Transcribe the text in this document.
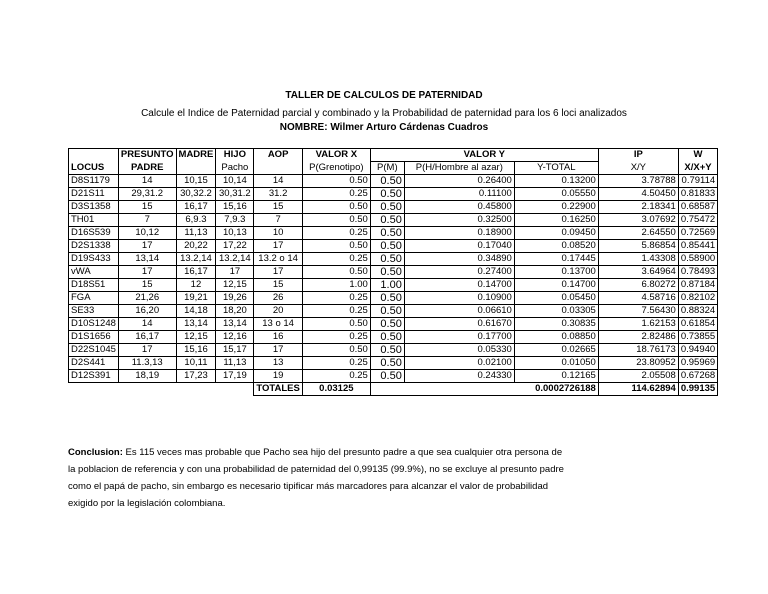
TALLER DE CALCULOS DE PATERNIDAD
Calcule el Indice de Paternidad parcial y combinado y la Probabilidad de paternidad para los 6 loci analizados
NOMBRE: Wilmer Arturo Cárdenas Cuadros
	PRESUNTO	MADRE	HIJO	AOP	VALOR X	VALOR Y			IP	W
LOCUS	PADRE		Pacho		P(Grenotipo)	P(M)	P(H/Hombre al azar)	Y-TOTAL	X/Y	X/X+Y
D8S1179	14	10,15	10,14	14	0.50	0.50	0.26400	0.13200	3.78788	0.79114
D21S11	29,31.2	30,32.2	30,31.2	31.2	0.25	0.50	0.11100	0.05550	4.50450	0.81833
D3S1358	15	16,17	15,16	15	0.50	0.50	0.45800	0.22900	2.18341	0.68587
TH01	7	6,9.3	7,9.3	7	0.50	0.50	0.32500	0.16250	3.07692	0.75472
D16S539	10,12	11,13	10,13	10	0.25	0.50	0.18900	0.09450	2.64550	0.72569
D2S1338	17	20,22	17,22	17	0.50	0.50	0.17040	0.08520	5.86854	0.85441
D19S433	13,14	13.2,14	13.2,14	13.2 o 14	0.25	0.50	0.34890	0.17445	1.43308	0.58900
vWA	17	16,17	17	17	0.50	0.50	0.27400	0.13700	3.64964	0.78493
D18S51	15	12	12,15	15	1.00	1.00	0.14700	0.14700	6.80272	0.87184
FGA	21,26	19,21	19,26	26	0.25	0.50	0.10900	0.05450	4.58716	0.82102
SE33	16,20	14,18	18,20	20	0.25	0.50	0.06610	0.03305	7.56430	0.88324
D10S1248	14	13,14	13,14	13 o 14	0.50	0.50	0.61670	0.30835	1.62153	0.61854
D1S1656	16,17	12,15	12,16	16	0.25	0.50	0.17700	0.08850	2.82486	0.73855
D22S1045	17	15,16	15,17	17	0.50	0.50	0.05330	0.02665	18.76173	0.94940
D2S441	11.3,13	10,11	11,13	13	0.25	0.50	0.02100	0.01050	23.80952	0.95969
D12S391	18,19	17,23	17,19	19	0.25	0.50	0.24330	0.12165	2.05508	0.67268
				TOTALES	0.03125			0.0002726188	114.62894	0.99135
Conclusion: Es 115 veces mas probable que Pacho sea hijo del presunto padre a que sea cualquier otra persona de
la poblacion de referencia y con una probabilidad de paternidad del 0,99135 (99.9%), no se excluye al presunto padre
como el papá de pacho, sin embargo es necesario tipificar más marcadores para alcanzar el valor de probabilidad
exigido por la legislación colombiana.
